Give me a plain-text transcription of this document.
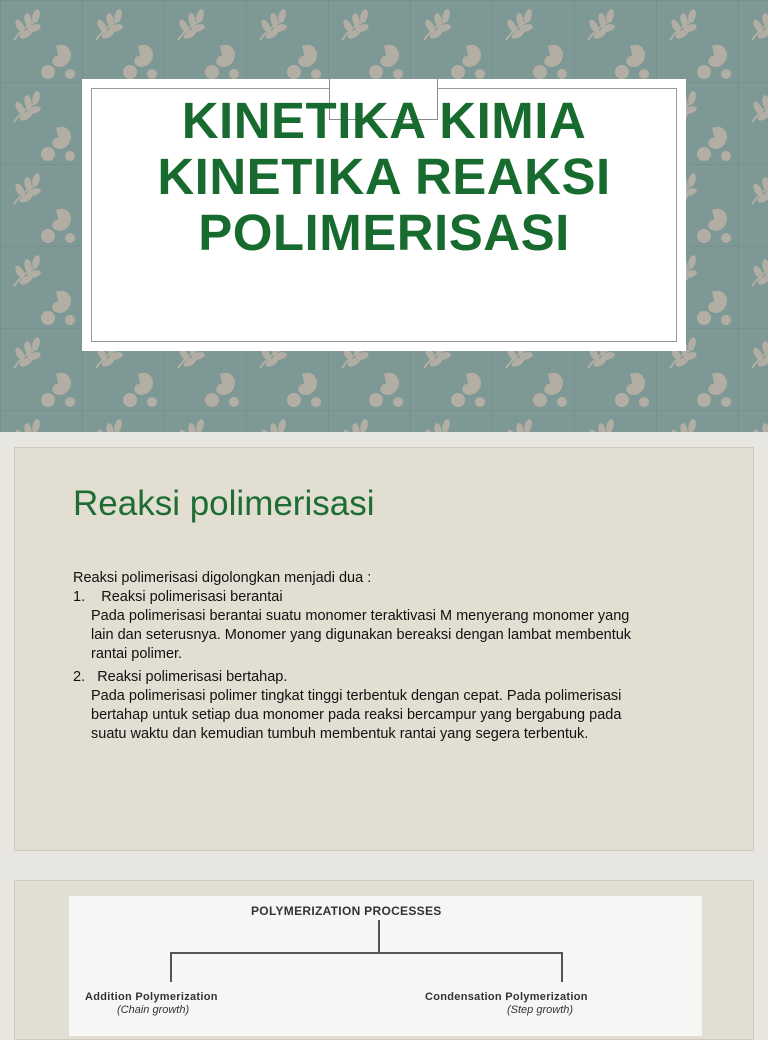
KINETIKA KIMIA
KINETIKA REAKSI
POLIMERISASI
Reaksi polimerisasi

Reaksi polimerisasi digolongkan menjadi dua :

1. Reaksi polimerisasi berantai

Pada polimerisasi berantai suatu monomer teraktivasi M menyerang monomer yang

lain dan seterusnya. Monomer yang digunakan bereaksi dengan lambat membentuk

rantai polimer.

2. Reaksi polimerisasi bertahap.

Pada polimerisasi polimer tingkat tinggi terbentuk dengan cepat. Pada polimerisasi

bertahap untuk setiap dua monomer pada reaksi bercampur yang bergabung pada

suatu waktu dan kemudian tumbuh membentuk rantai yang segera terbentuk.

POLYMERIZATION PROCESSES
Addition Polymerization
(Chain growth)
Condensation Polymerization
(Step growth)
